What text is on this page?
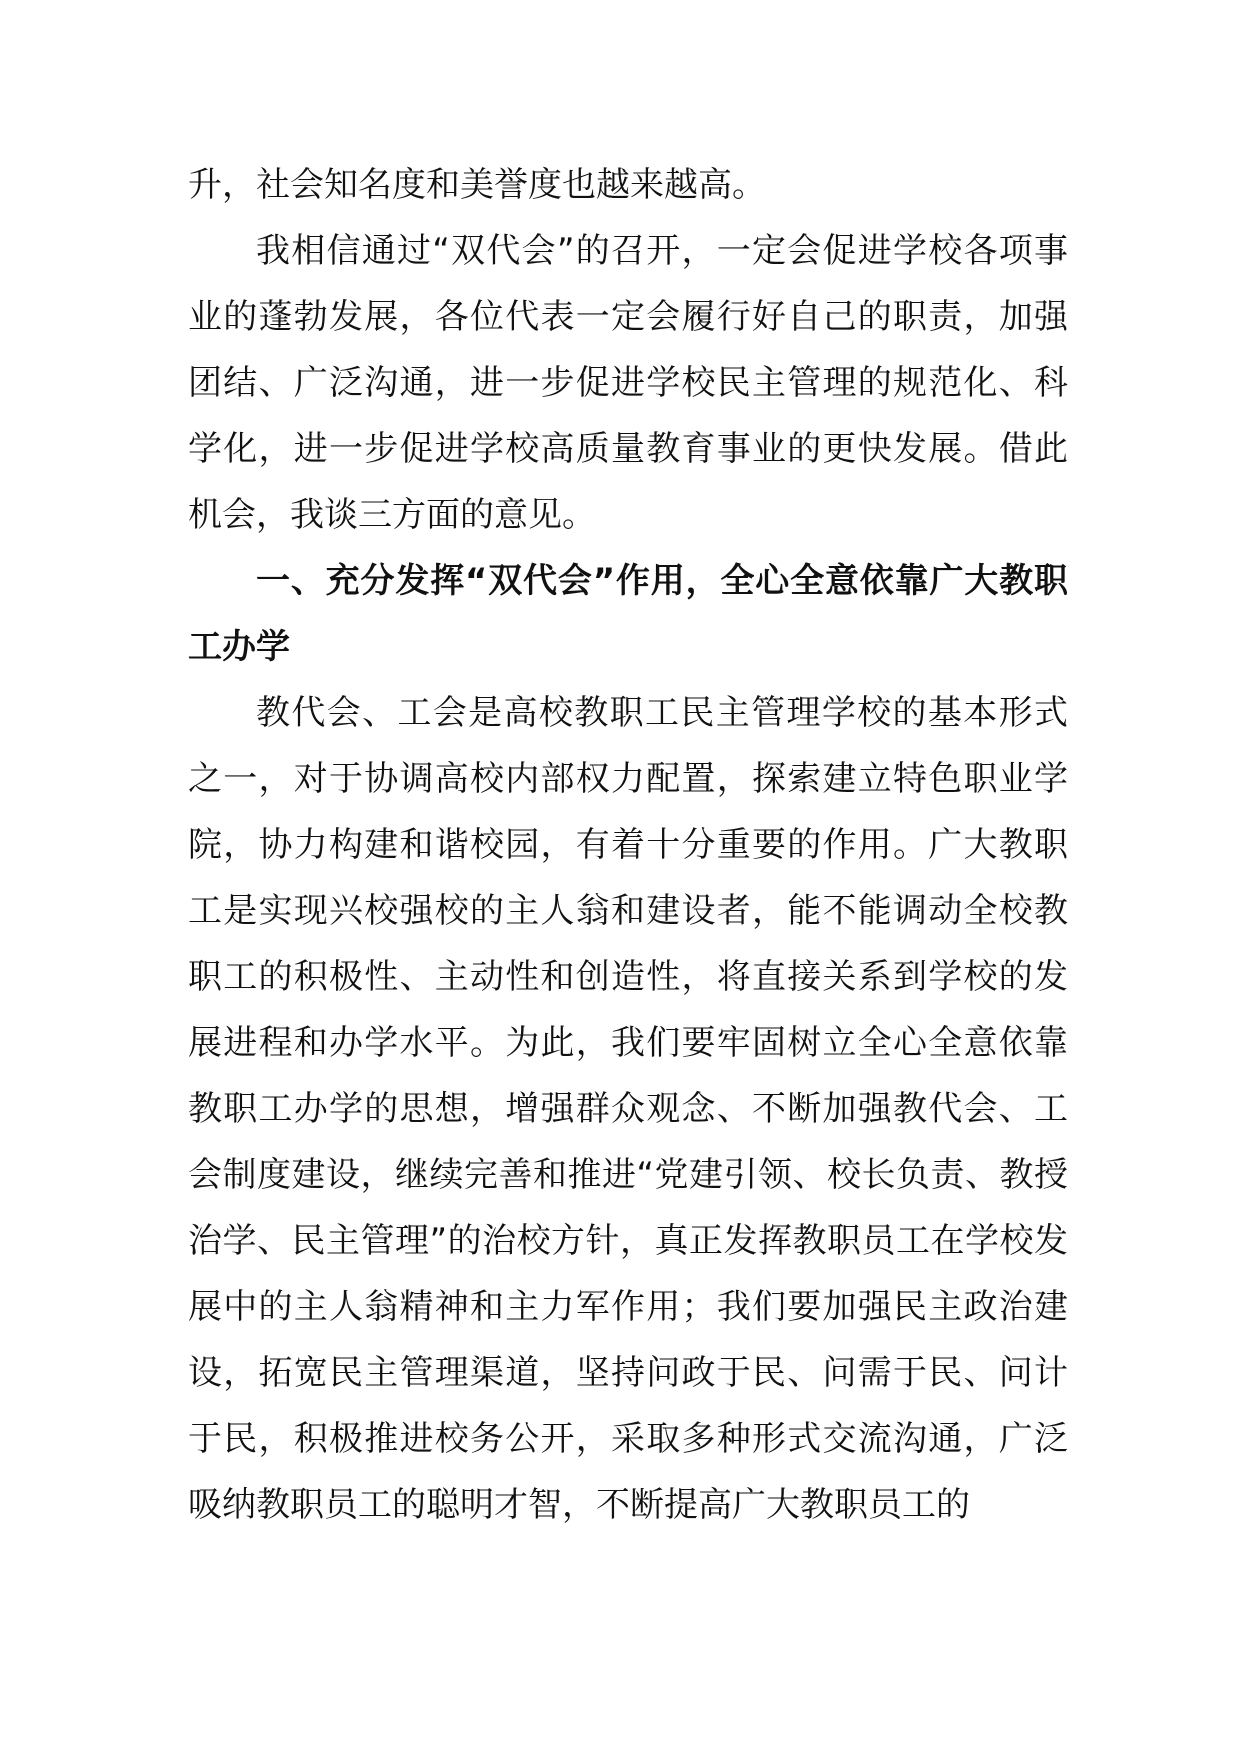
升，社会知名度和美誉度也越来越高。

我相信通过“双代会”的召开，一定会促进学校各项事业的蓬勃发展，各位代表一定会履行好自己的职责，加强团结、广泛沟通，进一步促进学校民主管理的规范化、科学化，进一步促进学校高质量教育事业的更快发展。借此机会，我谈三方面的意见。

一、充分发挥“双代会”作用，全心全意依靠广大教职工办学

教代会、工会是高校教职工民主管理学校的基本形式之一，对于协调高校内部权力配置，探索建立特色职业学院，协力构建和谐校园，有着十分重要的作用。广大教职工是实现兴校强校的主人翁和建设者，能不能调动全校教职工的积极性、主动性和创造性，将直接关系到学校的发展进程和办学水平。为此，我们要牢固树立全心全意依靠教职工办学的思想，增强群众观念、不断加强教代会、工会制度建设，继续完善和推进“党建引领、校长负责、教授治学、民主管理”的治校方针，真正发挥教职员工在学校发展中的主人翁精神和主力军作用；我们要加强民主政治建设，拓宽民主管理渠道，坚持问政于民、问需于民、问计于民，积极推进校务公开，采取多种形式交流沟通，广泛吸纳教职员工的聪明才智，不断提高广大教职员工的
